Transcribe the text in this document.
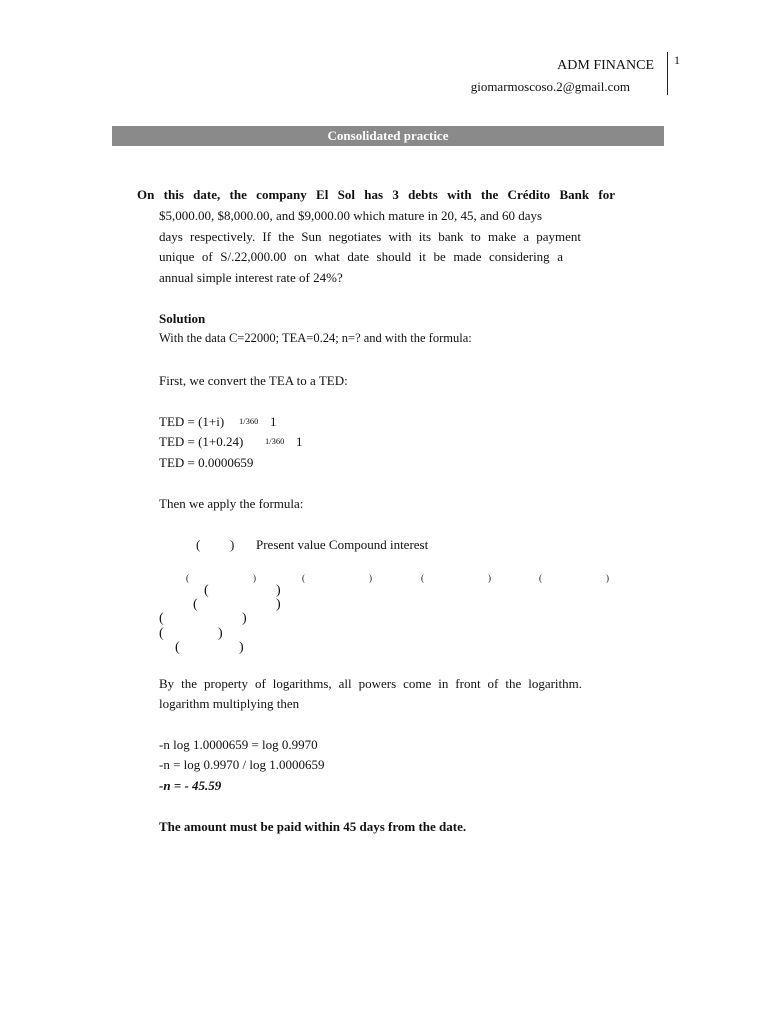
ADM FINANCE
giomarmoscoso.2@gmail.com
1
Consolidated practice
On this date, the company El Sol has 3 debts with the Crédito Bank for
$5,000.00, $8,000.00, and $9,000.00 which mature in 20, 45, and 60 days
days respectively. If the Sun negotiates with its bank to make a payment
unique of S/.22,000.00 on what date should it be made considering a
annual simple interest rate of 24%?
Solution
With the data C=22000; TEA=0.24; n=? and with the formula:
First, we convert the TEA to a TED:
TED = (1+i) 1/360 1
TED = (1+0.24)	1/360 1
TED = 0.0000659
Then we apply the formula:
( ) Present value Compound interest
(	)	(	)	(	)	(	)
(	)
(	)
(	)
(	)
(	)
By the property of logarithms, all powers come in front of the logarithm.
logarithm multiplying then
-n log 1.0000659 = log 0.9970
-n = log 0.9970 / log 1.0000659
-n = - 45.59
The amount must be paid within 45 days from the date.
